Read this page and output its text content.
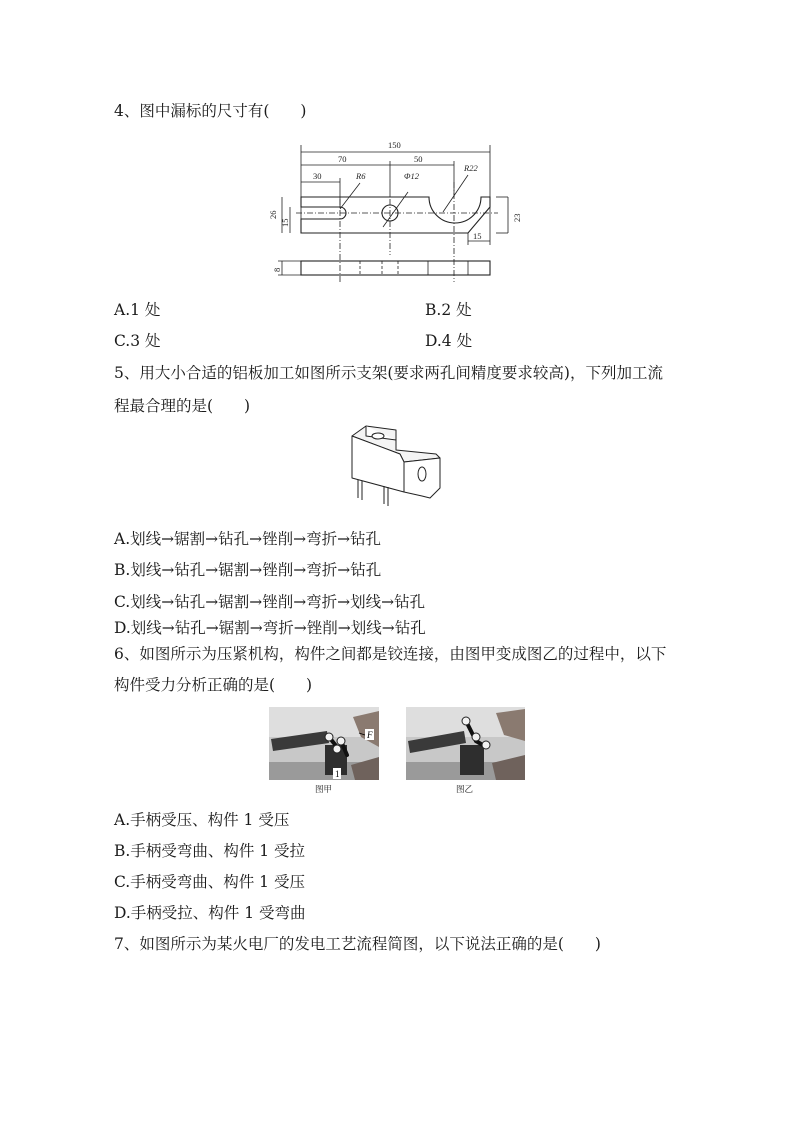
4、图中漏标的尺寸有(　　)
150
70	50
30	R6	Φ12
R22
26
15
23
15
8
A.1 处	B.2 处
C.3 处	D.4 处
5、用大小合适的铝板加工如图所示支架(要求两孔间精度要求较高)，下列加工流
程最合理的是(　　)
A.划线→锯割→钻孔→锉削→弯折→钻孔
B.划线→钻孔→锯割→锉削→弯折→钻孔
C.划线→钻孔→锯割→锉削→弯折→划线→钻孔
D.划线→钻孔→锯割→弯折→锉削→划线→钻孔
6、如图所示为压紧机构，构件之间都是铰连接，由图甲变成图乙的过程中，以下
构件受力分析正确的是(　　)
F
1
图甲	图乙
A.手柄受压、构件 1 受压
B.手柄受弯曲、构件 1 受拉
C.手柄受弯曲、构件 1 受压
D.手柄受拉、构件 1 受弯曲
7、如图所示为某火电厂的发电工艺流程简图，以下说法正确的是(　　)
